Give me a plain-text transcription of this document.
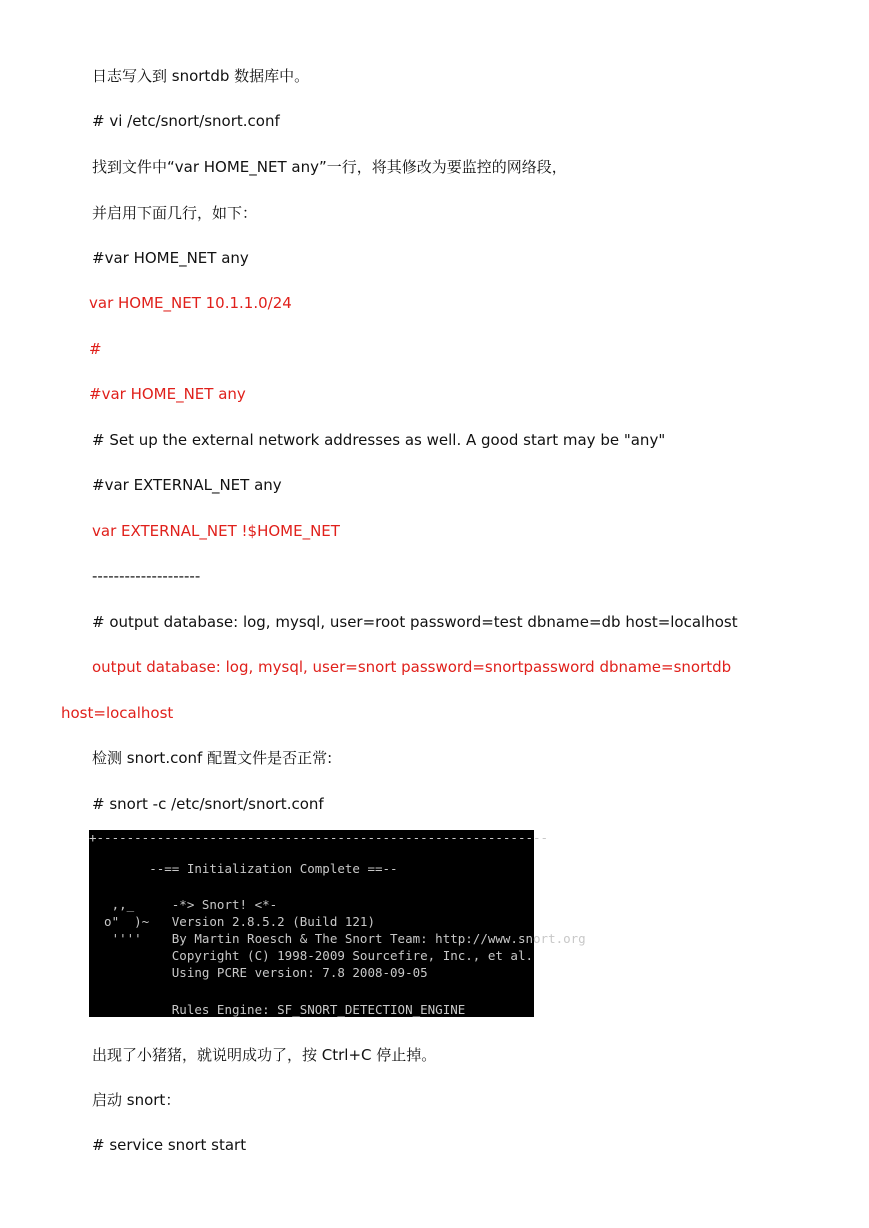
日志写入到 snortdb 数据库中。
# vi /etc/snort/snort.conf
找到文件中“var HOME_NET any”一行，将其修改为要监控的网络段，
并启用下面几行，如下：
#var HOME_NET any
var HOME_NET 10.1.1.0/24
#
#var HOME_NET any
# Set up the external network addresses as well. A good start may be "any"
#var EXTERNAL_NET any
var EXTERNAL_NET !$HOME_NET
--------------------
# output database: log, mysql, user=root password=test dbname=db host=localhost
output database: log, mysql, user=snort password=snortpassword dbname=snortdb
host=localhost
检测 snort.conf 配置文件是否正常:
# snort -c /etc/snort/snort.conf
+------------------------------------------------------------
--== Initialization Complete ==--
,,_     -*> Snort! <*-
o"  )~   Version 2.8.5.2 (Build 121)
''''    By Martin Roesch & The Snort Team: http://www.snort.org
Copyright (C) 1998-2009 Sourcefire, Inc., et al.
Using PCRE version: 7.8 2008-09-05
Rules Engine: SF_SNORT_DETECTION_ENGINE
出现了小猪猪，就说明成功了，按 Ctrl+C 停止掉。
启动 snort：
# service snort start
